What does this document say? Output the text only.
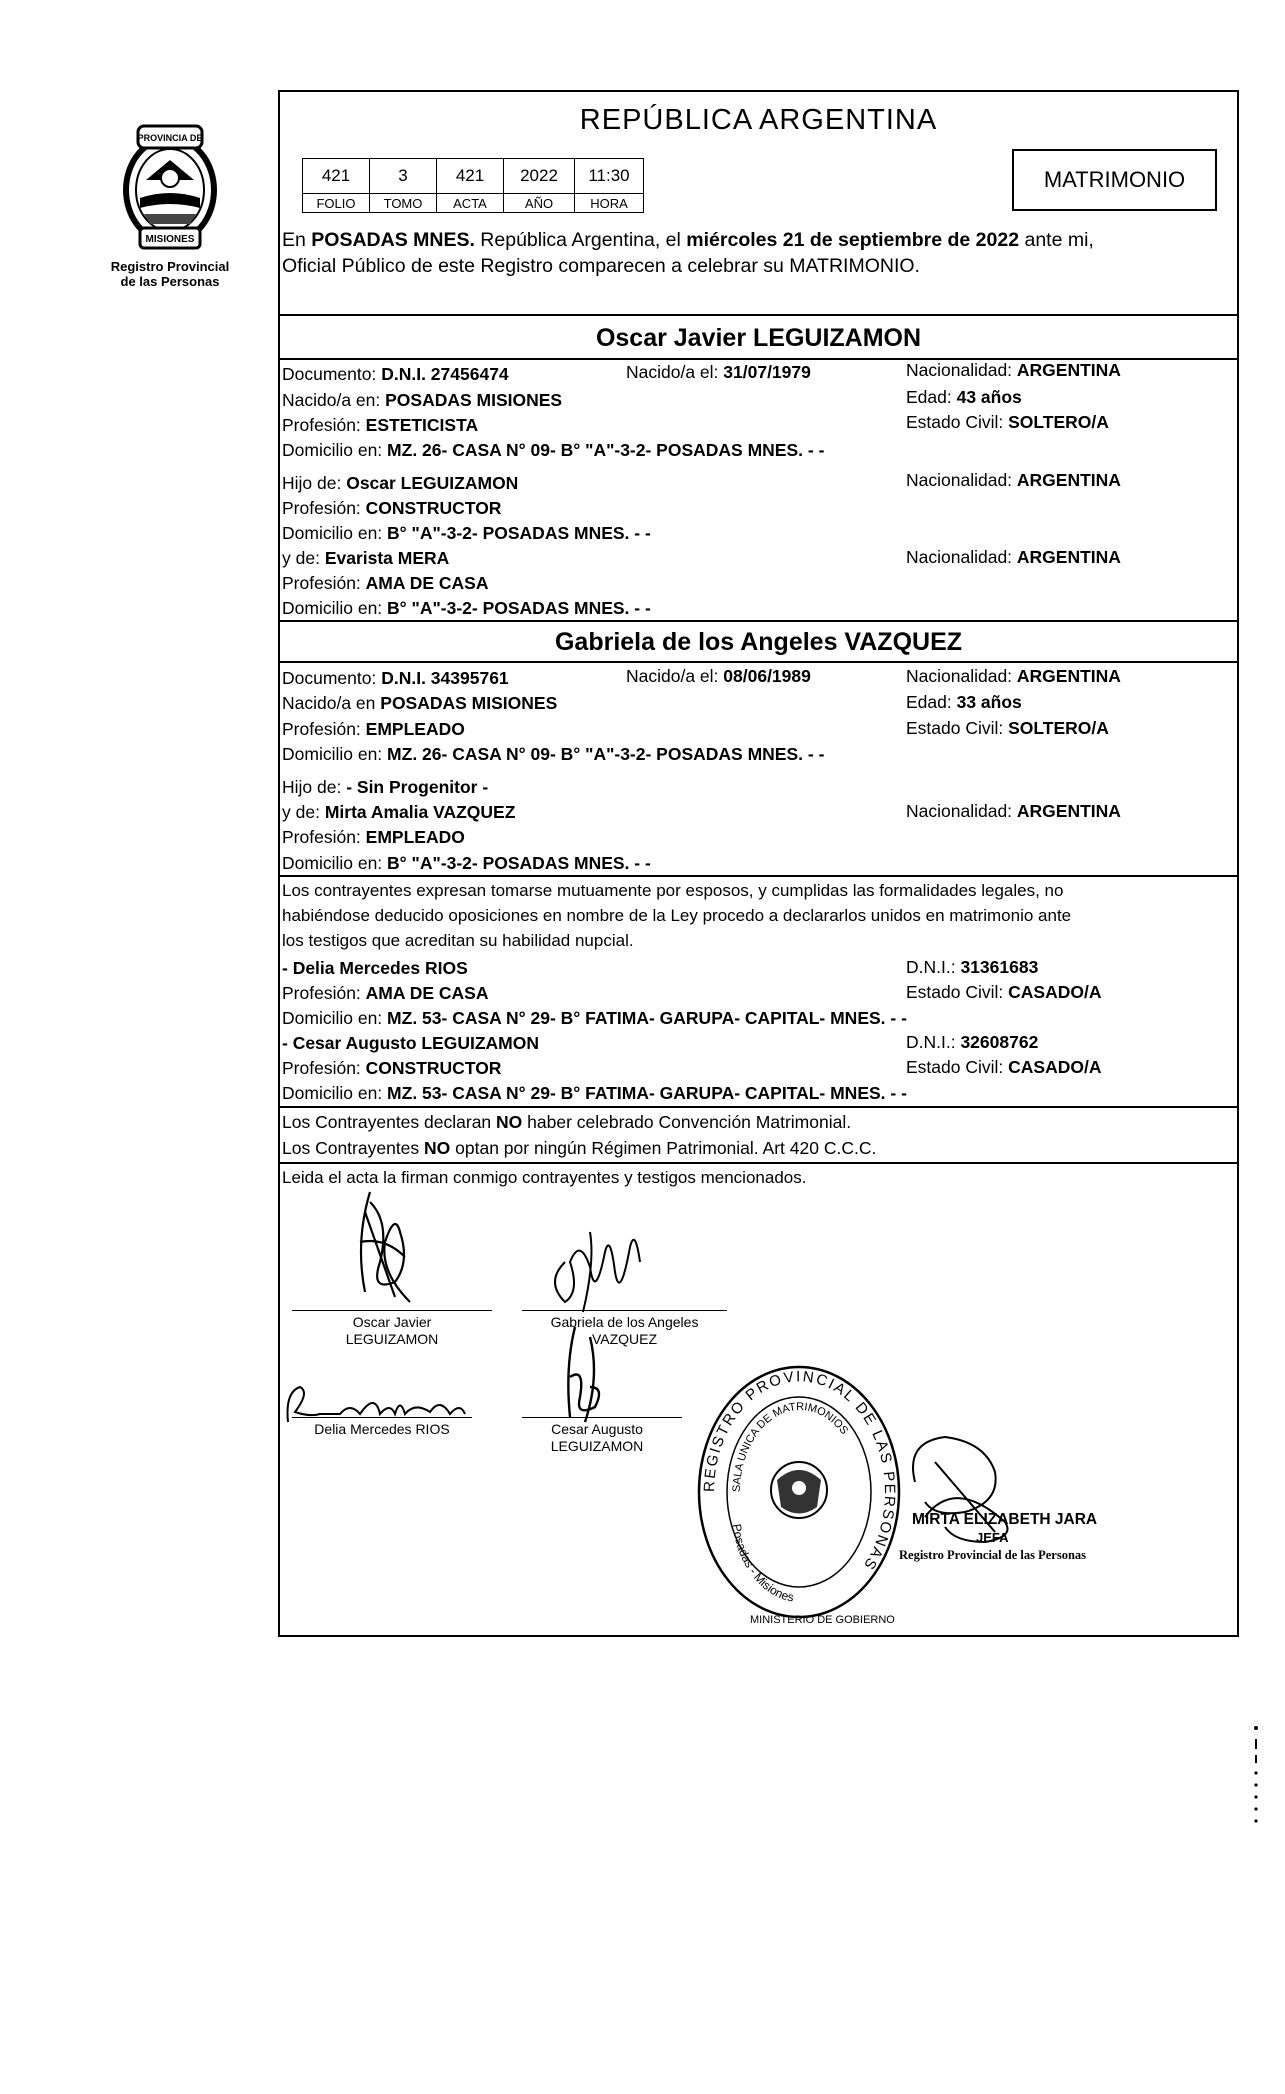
PROVINCIA DE
MISIONES
Registro Provincial
de las Personas
REPÚBLICA ARGENTINA
421	3	421	2022	11:30
FOLIO	TOMO	ACTA	AÑO	HORA
MATRIMONIO
En POSADAS MNES. República Argentina, el miércoles 21 de septiembre de 2022 ante mi,
Oficial Público de este Registro comparecen a celebrar su MATRIMONIO.
Oscar Javier LEGUIZAMON
Documento: D.N.I. 27456474	Nacido/a el: 31/07/1979	Nacionalidad: ARGENTINA
Nacido/a en: POSADAS MISIONES	Edad: 43 años
Profesión: ESTETICISTA	Estado Civil: SOLTERO/A
Domicilio en: MZ. 26- CASA N° 09- B° "A"-3-2- POSADAS MNES. - -
Hijo de: Oscar LEGUIZAMON	Nacionalidad: ARGENTINA
Profesión: CONSTRUCTOR
Domicilio en: B° "A"-3-2- POSADAS MNES. - -
y de: Evarista MERA	Nacionalidad: ARGENTINA
Profesión: AMA DE CASA
Domicilio en: B° "A"-3-2- POSADAS MNES. - -
Gabriela de los Angeles VAZQUEZ
Documento: D.N.I. 34395761	Nacido/a el: 08/06/1989	Nacionalidad: ARGENTINA
Nacido/a en POSADAS MISIONES	Edad: 33 años
Profesión: EMPLEADO	Estado Civil: SOLTERO/A
Domicilio en: MZ. 26- CASA N° 09- B° "A"-3-2- POSADAS MNES. - -
Hijo de: - Sin Progenitor -
y de: Mirta Amalia VAZQUEZ	Nacionalidad: ARGENTINA
Profesión: EMPLEADO
Domicilio en: B° "A"-3-2- POSADAS MNES. - -
Los contrayentes expresan tomarse mutuamente por esposos, y cumplidas las formalidades legales, no
habiéndose deducido oposiciones en nombre de la Ley procedo a declararlos unidos en matrimonio ante
los testigos que acreditan su habilidad nupcial.
- Delia Mercedes RIOS	D.N.I.: 31361683
Profesión: AMA DE CASA	Estado Civil: CASADO/A
Domicilio en: MZ. 53- CASA N° 29- B° FATIMA- GARUPA- CAPITAL- MNES. - -
- Cesar Augusto LEGUIZAMON	D.N.I.: 32608762
Profesión: CONSTRUCTOR	Estado Civil: CASADO/A
Domicilio en: MZ. 53- CASA N° 29- B° FATIMA- GARUPA- CAPITAL- MNES. - -
Los Contrayentes declaran NO haber celebrado Convención Matrimonial.
Los Contrayentes NO optan por ningún Régimen Patrimonial. Art 420 C.C.C.
Leida el acta la firman conmigo contrayentes y testigos mencionados.
Oscar Javier
LEGUIZAMON
Gabriela de los Angeles
VAZQUEZ
Delia Mercedes RIOS	Cesar Augusto
LEGUIZAMON
REGISTRO PROVINCIAL DE LAS PERSONAS
SALA UNICA DE MATRIMONIOS
Posadas - Misiones
MINISTERIO DE GOBIERNO
MIRTA ELIZABETH JARA
JEFA
Registro Provincial de las Personas
